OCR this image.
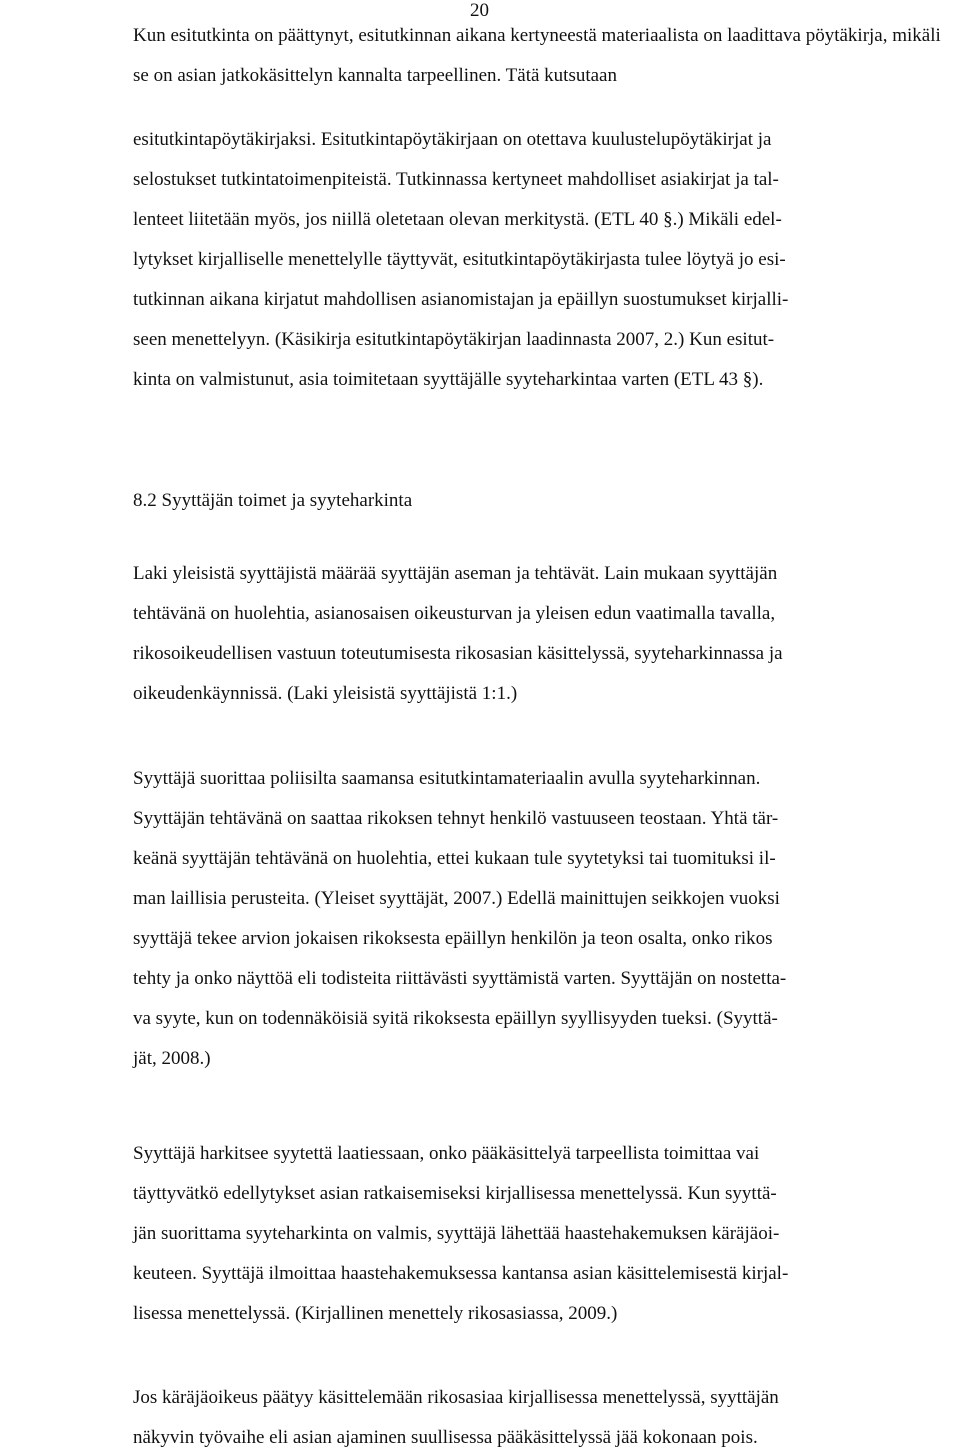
20
Kun esitutkinta on päättynyt, esitutkinnan aikana kertyneestä materiaalista on laadittava pöytäkirja, mikäli se on asian jatkokäsittelyn kannalta tarpeellinen. Tätä kutsutaan
esitutkintapöytäkirjaksi. Esitutkintapöytäkirjaan on otettava kuulustelupöytäkirjat ja
selostukset tutkintatoimenpiteistä. Tutkinnassa kertyneet mahdolliset asiakirjat ja tal-
lenteet liitetään myös, jos niillä oletetaan olevan merkitystä. (ETL 40 §.) Mikäli edel-
lytykset kirjalliselle menettelylle täyttyvät, esitutkintapöytäkirjasta tulee löytyä jo esi-
tutkinnan aikana kirjatut mahdollisen asianomistajan ja epäillyn suostumukset kirjalli-
seen menettelyyn. (Käsikirja esitutkintapöytäkirjan laadinnasta 2007, 2.) Kun esitut-
kinta on valmistunut, asia toimitetaan syyttäjälle syyteharkintaa varten (ETL 43 §).
8.2 Syyttäjän toimet ja syyteharkinta
Laki yleisistä syyttäjistä määrää syyttäjän aseman ja tehtävät. Lain mukaan syyttäjän
tehtävänä on huolehtia, asianosaisen oikeusturvan ja yleisen edun vaatimalla tavalla,
rikosoikeudellisen vastuun toteutumisesta rikosasian käsittelyssä, syyteharkinnassa ja
oikeudenkäynnissä. (Laki yleisistä syyttäjistä 1:1.)
Syyttäjä suorittaa poliisilta saamansa esitutkintamateriaalin avulla syyteharkinnan.
Syyttäjän tehtävänä on saattaa rikoksen tehnyt henkilö vastuuseen teostaan. Yhtä tär-
keänä syyttäjän tehtävänä on huolehtia, ettei kukaan tule syytetyksi tai tuomituksi il-
man laillisia perusteita. (Yleiset syyttäjät, 2007.) Edellä mainittujen seikkojen vuoksi
syyttäjä tekee arvion jokaisen rikoksesta epäillyn henkilön ja teon osalta, onko rikos
tehty ja onko näyttöä eli todisteita riittävästi syyttämistä varten. Syyttäjän on nostetta-
va syyte, kun on todennäköisiä syitä rikoksesta epäillyn syyllisyyden tueksi. (Syyttä-
jät, 2008.)
Syyttäjä harkitsee syytettä laatiessaan, onko pääkäsittelyä tarpeellista toimittaa vai
täyttyvätkö edellytykset asian ratkaisemiseksi kirjallisessa menettelyssä. Kun syyttä-
jän suorittama syyteharkinta on valmis, syyttäjä lähettää haastehakemuksen käräjäoi-
keuteen. Syyttäjä ilmoittaa haastehakemuksessa kantansa asian käsittelemisestä kirjal-
lisessa menettelyssä. (Kirjallinen menettely rikosasiassa, 2009.)
Jos käräjäoikeus päätyy käsittelemään rikosasiaa kirjallisessa menettelyssä, syyttäjän
näkyvin työvaihe eli asian ajaminen suullisessa pääkäsittelyssä jää kokonaan pois.
